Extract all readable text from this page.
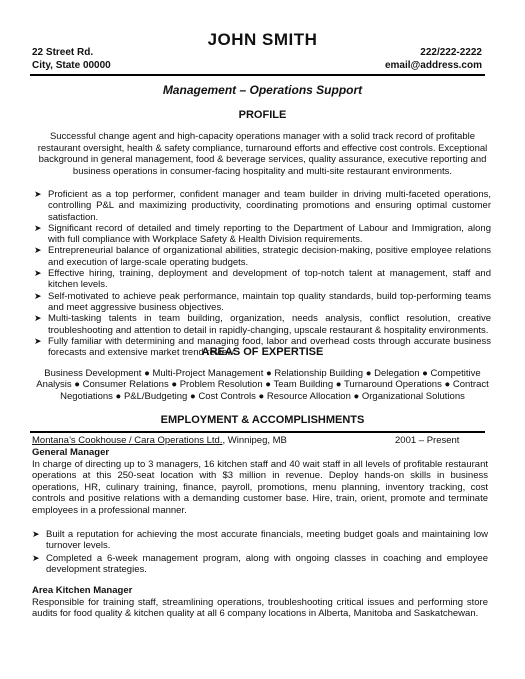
JOHN SMITH
22 Street Rd.
City, State 00000
222/222-2222
email@address.com
Management – Operations Support
PROFILE
Successful change agent and high-capacity operations manager with a solid track record of profitable
restaurant oversight, health & safety compliance, turnaround efforts and effective cost controls. Exceptional
background in general management, food & beverage services, quality assurance, executive reporting and
business operations in consumer-facing hospitality and multi-site restaurant environments.
➤ Proficient as a top performer, confident manager and team builder in driving multi-faceted operations, controlling P&L and maximizing productivity, coordinating promotions and ensuring optimal customer satisfaction.
➤ Significant record of detailed and timely reporting to the Department of Labour and Immigration, along with full compliance with Workplace Safety & Health Division requirements.
➤ Entrepreneurial balance of organizational abilities, strategic decision-making, positive employee relations and execution of large-scale operating budgets.
➤ Effective hiring, training, deployment and development of top-notch talent at management, staff and kitchen levels.
➤ Self-motivated to achieve peak performance, maintain top quality standards, build top-performing teams and meet aggressive business objectives.
➤ Multi-tasking talents in team building, organization, needs analysis, conflict resolution, creative troubleshooting and attention to detail in rapidly-changing, upscale restaurant & hospitality environments.
➤ Fully familiar with determining and managing food, labor and overhead costs through accurate business forecasts and extensive market trend review.
AREAS OF EXPERTISE
Business Development ● Multi-Project Management ● Relationship Building ● Delegation ● Competitive
Analysis ● Consumer Relations ● Problem Resolution ● Team Building ● Turnaround Operations ● Contract
Negotiations ● P&L/Budgeting ● Cost Controls ● Resource Allocation ● Organizational Solutions
EMPLOYMENT & ACCOMPLISHMENTS
Montana’s Cookhouse / Cara Operations Ltd., Winnipeg, MB	2001 – Present
General Manager
In charge of directing up to 3 managers, 16 kitchen staff and 40 wait staff in all levels of profitable restaurant operations at this 250-seat location with $3 million in revenue. Deploy hands-on skills in business operations, HR, culinary training, finance, payroll, promotions, menu planning, inventory tracking, cost controls and positive relations with a demanding customer base. Hire, train, orient, promote and terminate employees in a professional manner.
➤ Built a reputation for achieving the most accurate financials, meeting budget goals and maintaining low turnover levels.
➤ Completed a 6-week management program, along with ongoing classes in coaching and employee development strategies.
Area Kitchen Manager
Responsible for training staff, streamlining operations, troubleshooting critical issues and performing store audits for food quality & kitchen quality at all 6 company locations in Alberta, Manitoba and Saskatchewan.
